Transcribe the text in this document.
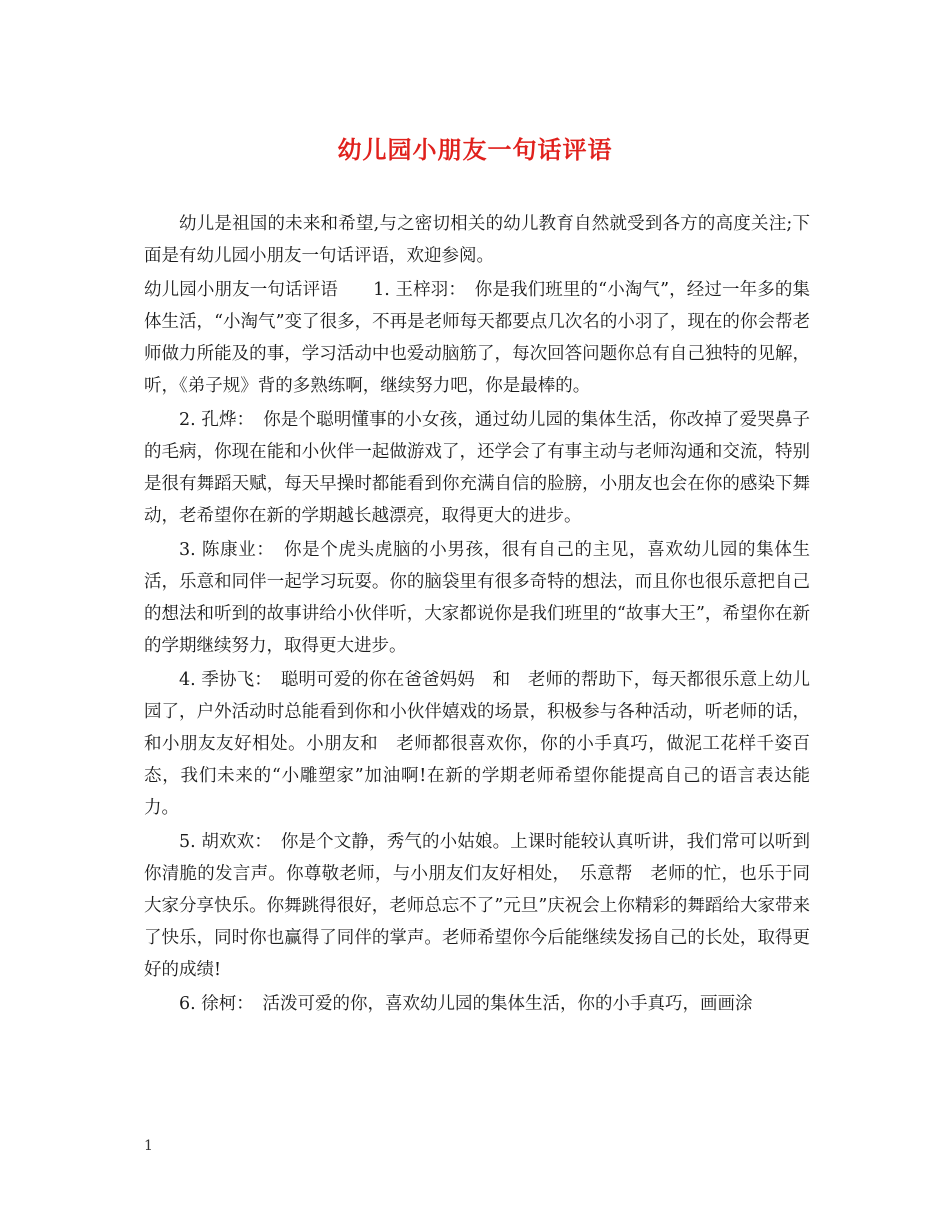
幼儿园小朋友一句话评语

幼儿是祖国的未来和希望,与之密切相关的幼儿教育自然就受到各方的高度关注;下面是有幼儿园小朋友一句话评语，欢迎参阅。

幼儿园小朋友一句话评语　　1. 王梓羽：　你是我们班里的“小淘气”，经过一年多的集体生活，“小淘气”变了很多，不再是老师每天都要点几次名的小羽了，现在的你会帮老师做力所能及的事，学习活动中也爱动脑筋了，每次回答问题你总有自己独特的见解，听，《弟子规》背的多熟练啊，继续努力吧，你是最棒的。

2. 孔烨：　你是个聪明懂事的小女孩，通过幼儿园的集体生活，你改掉了爱哭鼻子的毛病，你现在能和小伙伴一起做游戏了，还学会了有事主动与老师沟通和交流，特别是很有舞蹈天赋，每天早操时都能看到你充满自信的脸膀，小朋友也会在你的感染下舞动，老希望你在新的学期越长越漂亮，取得更大的进步。

3. 陈康业：　你是个虎头虎脑的小男孩，很有自己的主见，喜欢幼儿园的集体生活，乐意和同伴一起学习玩耍。你的脑袋里有很多奇特的想法，而且你也很乐意把自己的想法和听到的故事讲给小伙伴听，大家都说你是我们班里的“故事大王”，希望你在新的学期继续努力，取得更大进步。

4. 季协飞：　聪明可爱的你在爸爸妈妈　和　老师的帮助下，每天都很乐意上幼儿园了，户外活动时总能看到你和小伙伴嬉戏的场景，积极参与各种活动，听老师的话，和小朋友友好相处。小朋友和　老师都很喜欢你，你的小手真巧，做泥工花样千姿百态，我们未来的“小雕塑家”加油啊!在新的学期老师希望你能提高自己的语言表达能力。

5. 胡欢欢：　你是个文静，秀气的小姑娘。上课时能较认真听讲，我们常可以听到你清脆的发言声。你尊敬老师，与小朋友们友好相处，　乐意帮　老师的忙，也乐于同大家分享快乐。你舞跳得很好，老师总忘不了”元旦”庆祝会上你精彩的舞蹈给大家带来了快乐，同时你也赢得了同伴的掌声。老师希望你今后能继续发扬自己的长处，取得更好的成绩!

6. 徐柯：　活泼可爱的你，喜欢幼儿园的集体生活，你的小手真巧，画画涂

1
